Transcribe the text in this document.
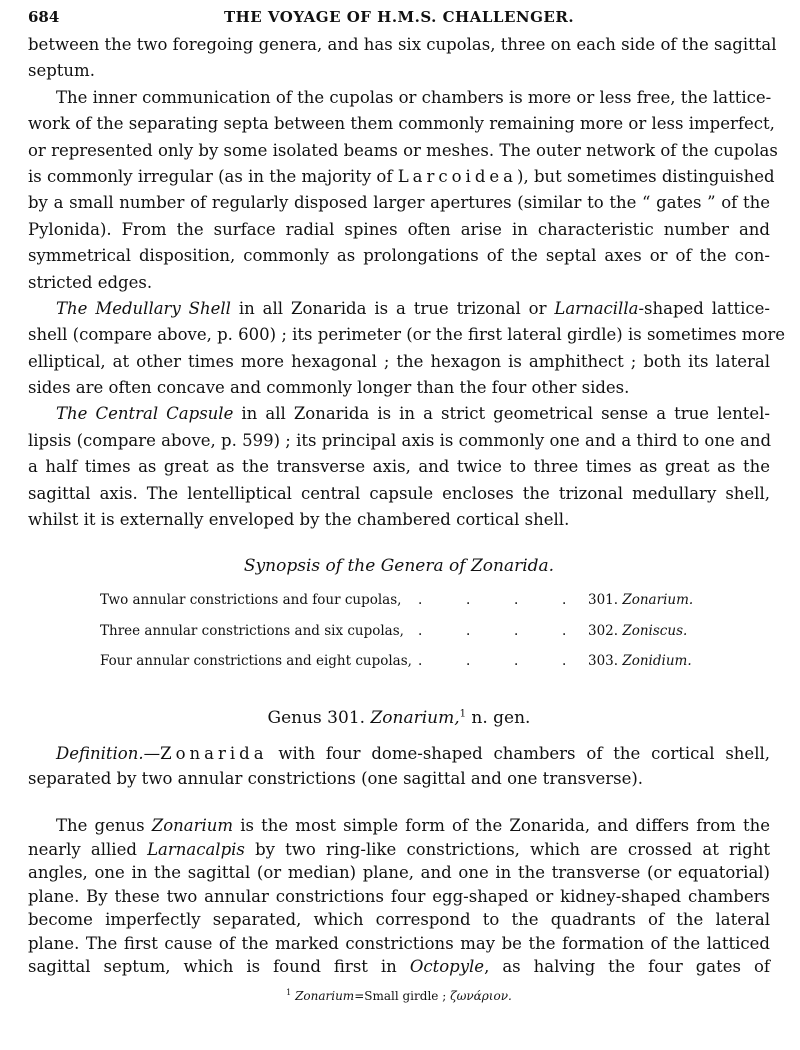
684	THE VOYAGE OF H.M.S. CHALLENGER.
between the two foregoing genera, and has six cupolas, three on each side of the sagittal
septum.
The inner communication of the cupolas or chambers is more or less free, the lattice-
work of the separating septa between them commonly remaining more or less imperfect,
or represented only by some isolated beams or meshes. The outer network of the cupolas
is commonly irregular (as in the majority of Larcoidea), but sometimes distinguished
by a small number of regularly disposed larger apertures (similar to the “ gates ” of the
Pylonida). From the surface radial spines often arise in characteristic number and
symmetrical disposition, commonly as prolongations of the septal axes or of the con-
stricted edges.
The Medullary Shell in all Zonarida is a true trizonal or Larnacilla-shaped lattice-
shell (compare above, p. 600) ; its perimeter (or the first lateral girdle) is sometimes more
elliptical, at other times more hexagonal ; the hexagon is amphithect ; both its lateral
sides are often concave and commonly longer than the four other sides.
The Central Capsule in all Zonarida is in a strict geometrical sense a true lentel-
lipsis (compare above, p. 599) ; its principal axis is commonly one and a third to one and
a half times as great as the transverse axis, and twice to three times as great as the
sagittal axis. The lentelliptical central capsule encloses the trizonal medullary shell,
whilst it is externally enveloped by the chambered cortical shell.
Synopsis of the Genera of Zonarida.
Two annular constrictions and four cupolas, .	.	.	.	301. Zonarium.
Three annular constrictions and six cupolas, .	.	.	.	302. Zoniscus.
Four annular constrictions and eight cupolas, .	.	.	.	303. Zonidium.
Genus 301. Zonarium,$^1$ n. gen.
Definition.—Zonarida with four dome-shaped chambers of the cortical shell,
separated by two annular constrictions (one sagittal and one transverse).
The genus Zonarium is the most simple form of the Zonarida, and differs from the
nearly allied Larnacalpis by two ring-like constrictions, which are crossed at right
angles, one in the sagittal (or median) plane, and one in the transverse (or equatorial)
plane. By these two annular constrictions four egg-shaped or kidney-shaped chambers
become imperfectly separated, which correspond to the quadrants of the lateral
plane. The first cause of the marked constrictions may be the formation of the latticed
sagittal septum, which is found first in Octopyle, as halving the four gates of
$^1$ Zonarium=Small girdle ; ζωνάριον.
